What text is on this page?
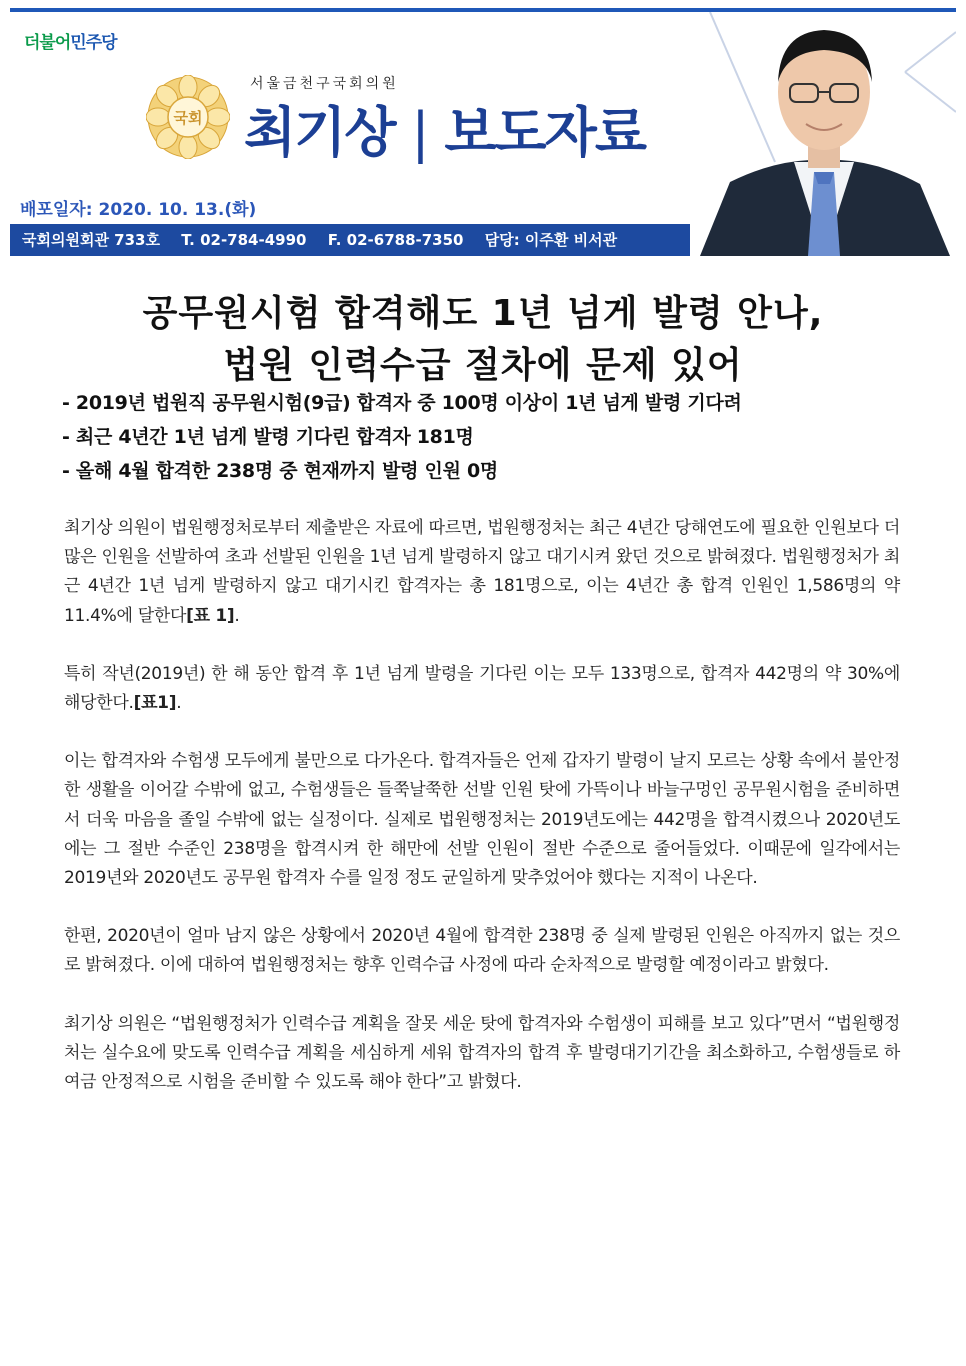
더불어민주당
국회
서울금천구국회의원
최기상 | 보도자료
배포일자: 2020. 10. 13.(화)
국회의원회관 733호 T. 02-784-4990 F. 02-6788-7350 담당: 이주환 비서관
공무원시험 합격해도 1년 넘게 발령 안나,
법원 인력수급 절차에 문제 있어
- 2019년 법원직 공무원시험(9급) 합격자 중 100명 이상이 1년 넘게 발령 기다려
- 최근 4년간 1년 넘게 발령 기다린 합격자 181명
- 올해 4월 합격한 238명 중 현재까지 발령 인원 0명

최기상 의원이 법원행정처로부터 제출받은 자료에 따르면, 법원행정처는 최근 4년간 당해연도에 필요한 인원보다 더 많은 인원을 선발하여 초과 선발된 인원을 1년 넘게 발령하지 않고 대기시켜 왔던 것으로 밝혀졌다. 법원행정처가 최근 4년간 1년 넘게 발령하지 않고 대기시킨 합격자는 총 181명으로, 이는 4년간 총 합격 인원인 1,586명의 약 11.4%에 달한다[표 1].

특히 작년(2019년) 한 해 동안 합격 후 1년 넘게 발령을 기다린 이는 모두 133명으로, 합격자 442명의 약 30%에 해당한다.[표1].

이는 합격자와 수험생 모두에게 불만으로 다가온다. 합격자들은 언제 갑자기 발령이 날지 모르는 상황 속에서 불안정한 생활을 이어갈 수밖에 없고, 수험생들은 들쭉날쭉한 선발 인원 탓에 가뜩이나 바늘구멍인 공무원시험을 준비하면서 더욱 마음을 졸일 수밖에 없는 실정이다. 실제로 법원행정처는 2019년도에는 442명을 합격시켰으나 2020년도에는 그 절반 수준인 238명을 합격시켜 한 해만에 선발 인원이 절반 수준으로 줄어들었다. 이때문에 일각에서는 2019년와 2020년도 공무원 합격자 수를 일정 정도 균일하게 맞추었어야 했다는 지적이 나온다.

한편, 2020년이 얼마 남지 않은 상황에서 2020년 4월에 합격한 238명 중 실제 발령된 인원은 아직까지 없는 것으로 밝혀졌다. 이에 대하여 법원행정처는 향후 인력수급 사정에 따라 순차적으로 발령할 예정이라고 밝혔다.

최기상 의원은 “법원행정처가 인력수급 계획을 잘못 세운 탓에 합격자와 수험생이 피해를 보고 있다”면서 “법원행정처는 실수요에 맞도록 인력수급 계획을 세심하게 세워 합격자의 합격 후 발령대기기간을 최소화하고, 수험생들로 하여금 안정적으로 시험을 준비할 수 있도록 해야 한다”고 밝혔다.
